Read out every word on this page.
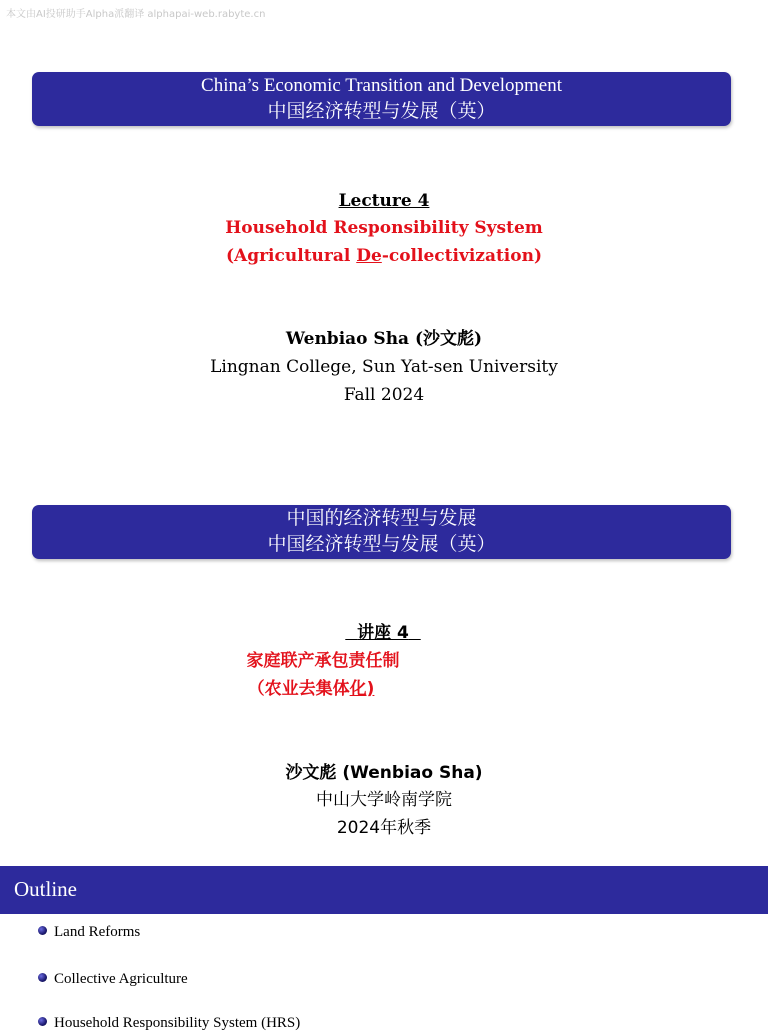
本文由AI投研助手Alpha派翻译 alphapai-web.rabyte.cn
China’s Economic Transition and Development
中国经济转型与发展（英）
Lecture 4
Household Responsibility System
(Agricultural De-collectivization)
Wenbiao Sha (沙文彪)
Lingnan College, Sun Yat-sen University
Fall 2024
中国的经济转型与发展
中国经济转型与发展（英）
讲座 4
家庭联产承包责任制
（农业去集体化)
沙文彪 (Wenbiao Sha)
中山大学岭南学院
2024年秋季
Outline
Land Reforms
Collective Agriculture
Household Responsibility System (HRS)
